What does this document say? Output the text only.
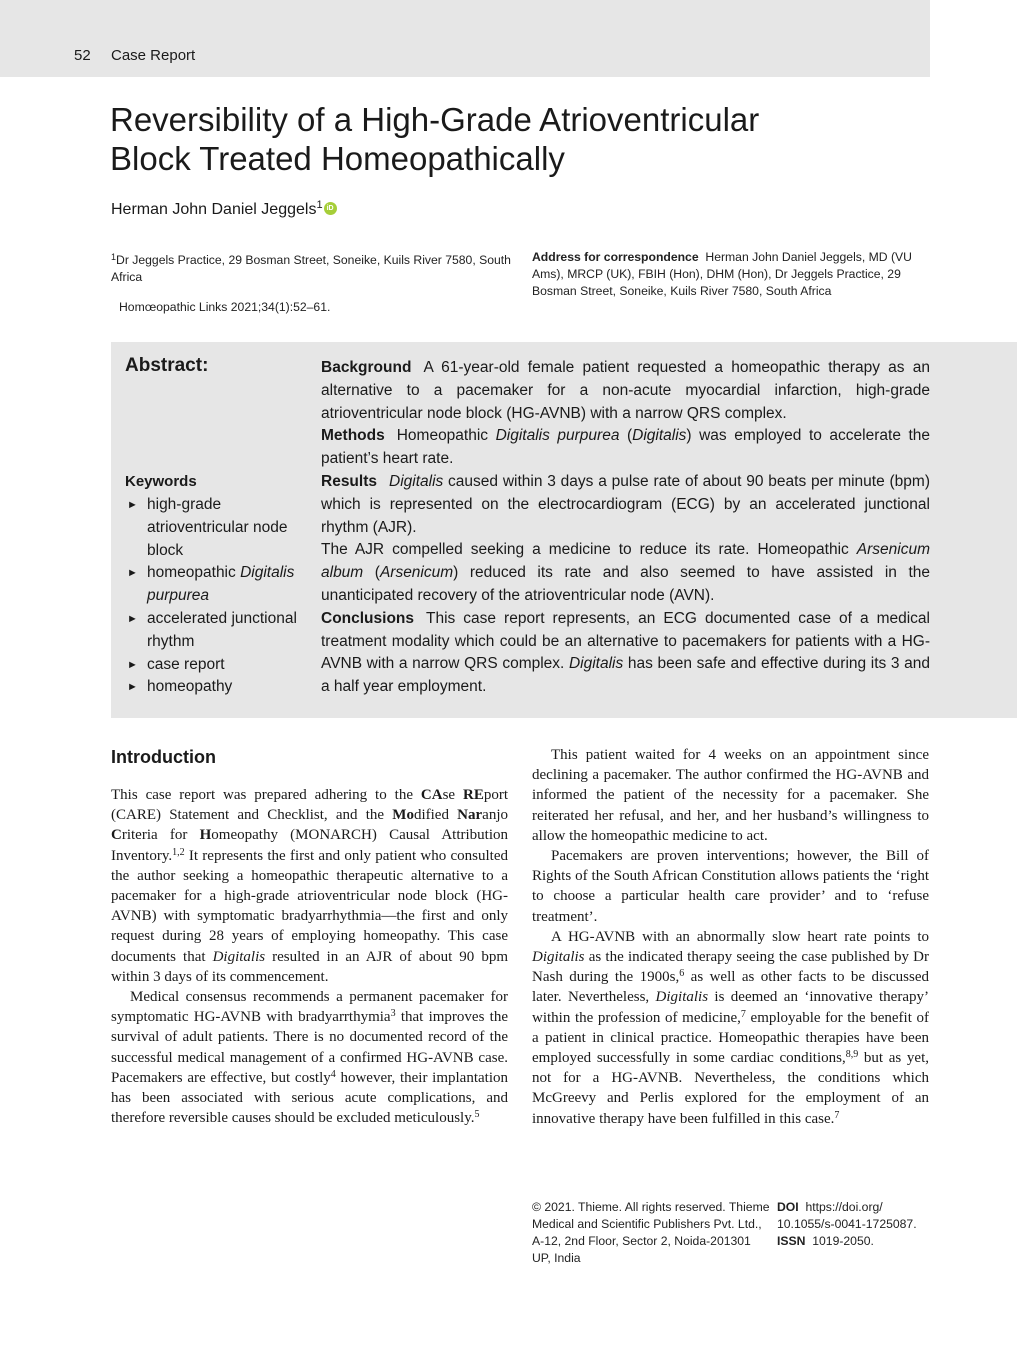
52 Case Report
Reversibility of a High-Grade Atrioventricular
Block Treated Homeopathically
Herman John Daniel Jeggels$^1$ iD
$^1$Dr Jeggels Practice, 29 Bosman Street, Soneike, Kuils River 7580, South Africa
Homœopathic Links 2021;34(1):52–61.
Address for correspondence Herman John Daniel Jeggels, MD (VU Ams), MRCP (UK), FBIH (Hon), DHM (Hon), Dr Jeggels Practice, 29 Bosman Street, Soneike, Kuils River 7580, South Africa
Abstract:
Keywords
► high-grade atrioventricular node block
► homeopathic Digitalis purpurea
► accelerated junctional rhythm
► case report
► homeopathy

Background A 61-year-old female patient requested a homeopathic therapy as an alternative to a pacemaker for a non-acute myocardial infarction, high-grade atrioventricular node block (HG-AVNB) with a narrow QRS complex.

Methods Homeopathic Digitalis purpurea (Digitalis) was employed to accelerate the patient’s heart rate.

Results Digitalis caused within 3 days a pulse rate of about 90 beats per minute (bpm) which is represented on the electrocardiogram (ECG) by an accelerated junctional rhythm (AJR).

The AJR compelled seeking a medicine to reduce its rate. Homeopathic Arsenicum album (Arsenicum) reduced its rate and also seemed to have assisted in the unanticipated recovery of the atrioventricular node (AVN).

Conclusions This case report represents, an ECG documented case of a medical treatment modality which could be an alternative to pacemakers for patients with a HG-AVNB with a narrow QRS complex. Digitalis has been safe and effective during its 3 and a half year employment.

Introduction

This case report was prepared adhering to the CAse REport (CARE) Statement and Checklist, and the Modified Naranjo Criteria for Homeopathy (MONARCH) Causal Attribution Inventory.$^{1,2}$ It represents the first and only patient who consulted the author seeking a homeopathic therapeutic alternative to a pacemaker for a high-grade atrioventricular node block (HG-AVNB) with symptomatic bradyarrhythmia—the first and only request during 28 years of employing homeopathy. This case documents that Digitalis resulted in an AJR of about 90 bpm within 3 days of its commencement.

Medical consensus recommends a permanent pacemaker for symptomatic HG-AVNB with bradyarrthymia$^3$ that improves the survival of adult patients. There is no documented record of the successful medical management of a confirmed HG-AVNB case. Pacemakers are effective, but costly$^4$ however, their implantation has been associated with serious acute complications, and therefore reversible causes should be excluded meticulously.$^5$

This patient waited for 4 weeks on an appointment since declining a pacemaker. The author confirmed the HG-AVNB and informed the patient of the necessity for a pacemaker. She reiterated her refusal, and her, and her husband’s willingness to allow the homeopathic medicine to act.

Pacemakers are proven interventions; however, the Bill of Rights of the South African Constitution allows patients the ‘right to choose a particular health care provider’ and to ‘refuse treatment’.

A HG-AVNB with an abnormally slow heart rate points to Digitalis as the indicated therapy seeing the case published by Dr Nash during the 1900s,$^6$ as well as other facts to be discussed later. Nevertheless, Digitalis is deemed an ‘innovative therapy’ within the profession of medicine,$^7$ employable for the benefit of a patient in clinical practice. Homeopathic therapies have been employed successfully in some cardiac conditions,$^{8,9}$ but as yet, not for a HG-AVNB. Nevertheless, the conditions which McGreevy and Perlis explored for the employment of an innovative therapy have been fulfilled in this case.$^7$

© 2021. Thieme. All rights reserved. Thieme Medical and Scientific Publishers Pvt. Ltd., A-12, 2nd Floor, Sector 2, Noida-201301 UP, India
DOI https://doi.org/ 10.1055/s-0041-1725087.
ISSN 1019-2050.
